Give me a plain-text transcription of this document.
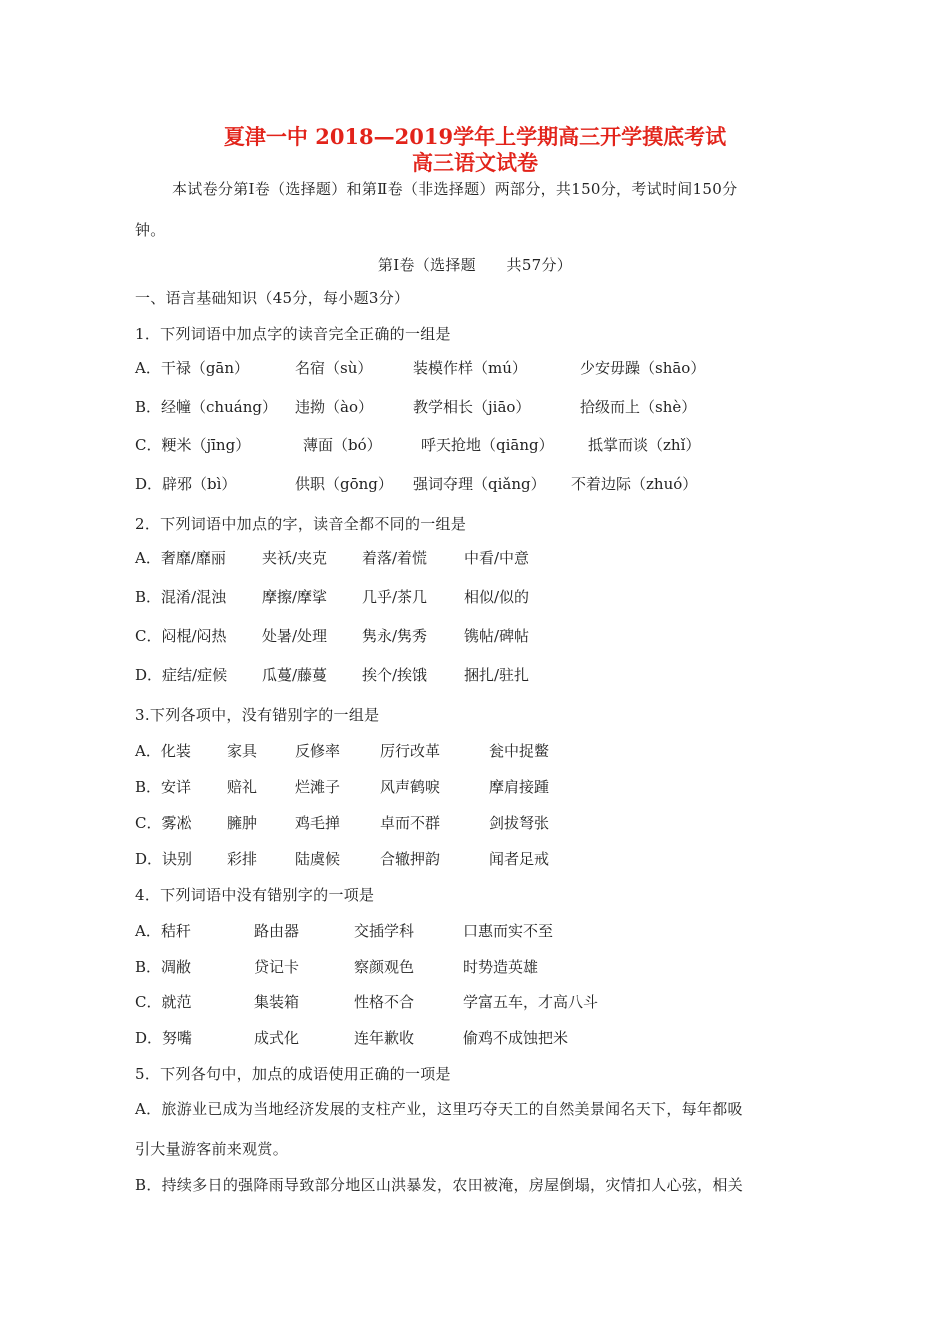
夏津一中 2018—2019学年上学期高三开学摸底考试
高三语文试卷
本试卷分第Ⅰ卷（选择题）和第Ⅱ卷（非选择题）两部分，共150分，考试时间150分
钟。
第Ⅰ卷（选择题　　共57分）
一、语言基础知识（45分，每小题3分）
1．下列词语中加点字的读音完全正确的一组是
A．干禄（gān）	名宿（sù）	装模作样（mú）	少安毋躁（shāo）
B．经幢（chuáng） 违拗（ào）	教学相长（jiāo）	拾级而上（shè）
C．粳米（jīng）	薄面（bó）	呼天抢地（qiāng） 抵掌而谈（zhǐ）
D．辟邪（bì）	供职（gōng） 强词夺理（qiǎng） 不着边际（zhuó）
2．下列词语中加点的字，读音全都不同的一组是
A．奢靡/靡丽 夹袄/夹克 着落/着慌 中看/中意
B．混淆/混浊 摩擦/摩挲 几乎/茶几 相似/似的
C．闷棍/闷热 处暑/处理 隽永/隽秀 镌帖/碑帖
D．症结/症候 瓜蔓/藤蔓 挨个/挨饿 捆扎/驻扎
3.下列各项中，没有错别字的一组是
A．化装 家具	反修率	厉行改革	瓮中捉鳖
B．安详 赔礼	烂滩子	风声鹤唳	摩肩接踵
C．雾凇 臃肿	鸡毛掸	卓而不群	剑拔弩张
D．诀别 彩排	陆虞候	合辙押韵	闻者足戒
4．下列词语中没有错别字的一项是
A．秸秆	路由器	交插学科	口惠而实不至
B．凋敝	贷记卡	察颜观色	时势造英雄
C．就范	集装箱	性格不合	学富五车，才高八斗
D．努嘴	成式化	连年歉收	偷鸡不成蚀把米
5．下列各句中，加点的成语使用正确的一项是
A．旅游业已成为当地经济发展的支柱产业，这里巧夺天工的自然美景闻名天下，每年都吸
引大量游客前来观赏。
B．持续多日的强降雨导致部分地区山洪暴发，农田被淹，房屋倒塌，灾情扣人心弦，相关
